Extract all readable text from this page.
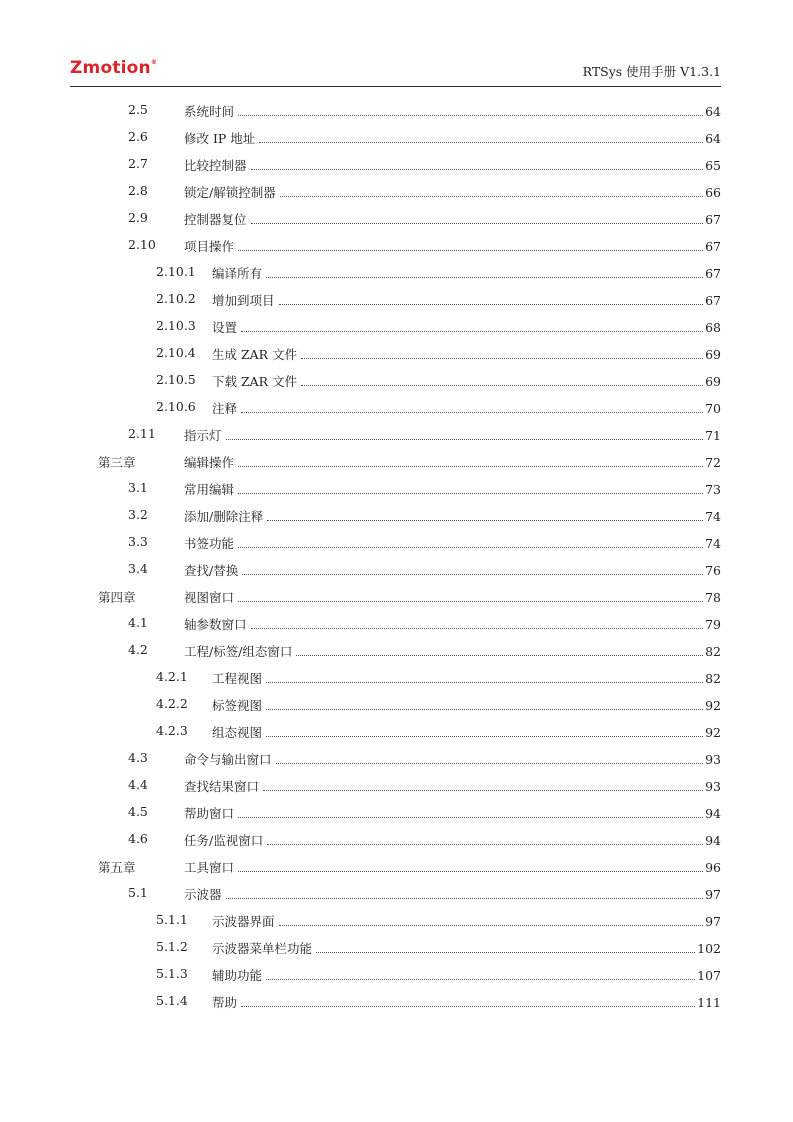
Zmotion®
RTSys 使用手册 V1.3.1
2.5	系统时间	64
2.6	修改 IP 地址	64
2.7	比较控制器	65
2.8	锁定/解锁控制器	66
2.9	控制器复位	67
2.10 项目操作	67
2.10.1 编译所有	67
2.10.2 增加到项目	67
2.10.3 设置	68
2.10.4 生成 ZAR 文件	69
2.10.5 下载 ZAR 文件	69
2.10.6 注释	70
2.11 指示灯	71
第三章	编辑操作	72
3.1	常用编辑	73
3.2	添加/删除注释	74
3.3	书签功能	74
3.4	查找/替换	76
第四章	视图窗口	78
4.1	轴参数窗口	79
4.2	工程/标签/组态窗口	82
4.2.1 工程视图	82
4.2.2 标签视图	92
4.2.3 组态视图	92
4.3	命令与输出窗口	93
4.4	查找结果窗口	93
4.5	帮助窗口	94
4.6	任务/监视窗口	94
第五章	工具窗口	96
5.1	示波器	97
5.1.1 示波器界面	97
5.1.2 示波器菜单栏功能	102
5.1.3 辅助功能	107
5.1.4 帮助	111
